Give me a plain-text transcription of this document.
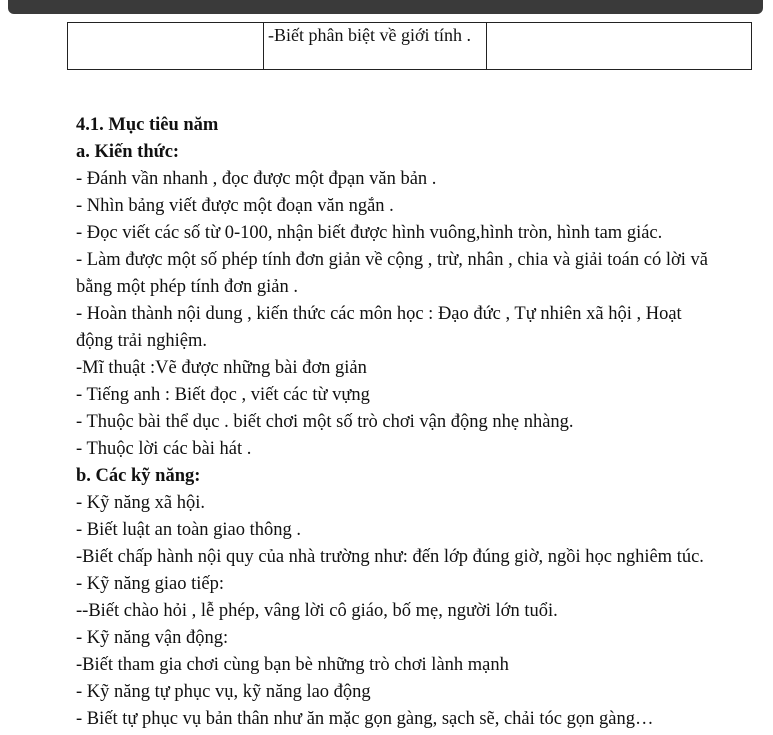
	-Biết phân biệt về giới tính .	
4.1. Mục tiêu năm
a. Kiến thức:
- Đánh vần nhanh , đọc được một đpạn văn bản .
- Nhìn bảng viết được một đoạn văn ngắn .
- Đọc viết các số từ 0-100, nhận biết được hình vuông,hình tròn, hình tam giác.
- Làm được một số phép tính đơn giản về cộng , trừ, nhân , chia và giải toán có lời vă
bằng một phép tính đơn giản .
- Hoàn thành nội dung , kiến thức các môn học : Đạo đức , Tự nhiên xã hội , Hoạt
động trải nghiệm.
-Mĩ thuật :Vẽ được những bài đơn giản
- Tiếng anh : Biết đọc , viết các từ vựng
- Thuộc bài thể dục . biết chơi một số trò chơi vận động nhẹ nhàng.
- Thuộc lời các bài hát .
b. Các kỹ năng:
- Kỹ năng xã hội.
- Biết luật an toàn giao thông .
-Biết chấp hành nội quy của nhà trường như: đến lớp đúng giờ, ngồi học nghiêm túc.
- Kỹ năng giao tiếp:
--Biết chào hỏi , lễ phép, vâng lời cô giáo, bố mẹ, người lớn tuổi.
- Kỹ năng vận động:
-Biết tham gia chơi cùng bạn bè những trò chơi lành mạnh
- Kỹ năng tự phục vụ, kỹ năng lao động
- Biết tự phục vụ bản thân như ăn mặc gọn gàng, sạch sẽ, chải tóc gọn gàng…
